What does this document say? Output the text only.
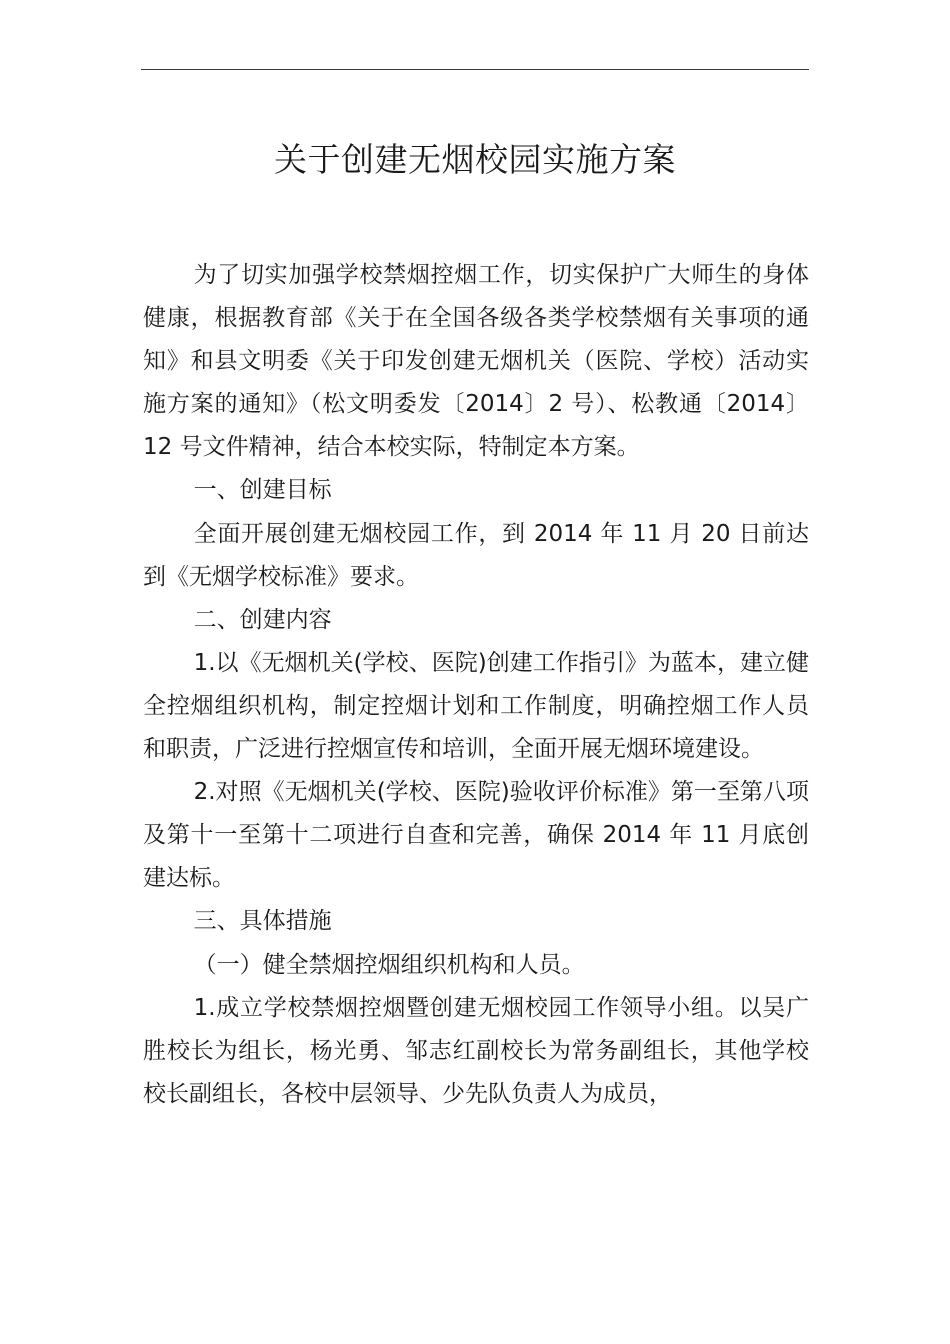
关于创建无烟校园实施方案

为了切实加强学校禁烟控烟工作，切实保护广大师生的身体健康，根据教育部《关于在全国各级各类学校禁烟有关事项的通知》和县文明委《关于印发创建无烟机关（医院、学校）活动实施方案的通知》（松文明委发〔2014〕2 号）、松教通〔2014〕12 号文件精神，结合本校实际，特制定本方案。

一、创建目标

全面开展创建无烟校园工作，到 2014 年 11 月 20 日前达到《无烟学校标准》要求。

二、创建内容

1.以《无烟机关(学校、医院)创建工作指引》为蓝本，建立健全控烟组织机构，制定控烟计划和工作制度，明确控烟工作人员和职责，广泛进行控烟宣传和培训，全面开展无烟环境建设。

2.对照《无烟机关(学校、医院)验收评价标准》第一至第八项及第十一至第十二项进行自查和完善，确保 2014 年 11 月底创建达标。

三、具体措施

（一）健全禁烟控烟组织机构和人员。

1.成立学校禁烟控烟暨创建无烟校园工作领导小组。以吴广胜校长为组长，杨光勇、邹志红副校长为常务副组长，其他学校校长副组长，各校中层领导、少先队负责人为成员，
